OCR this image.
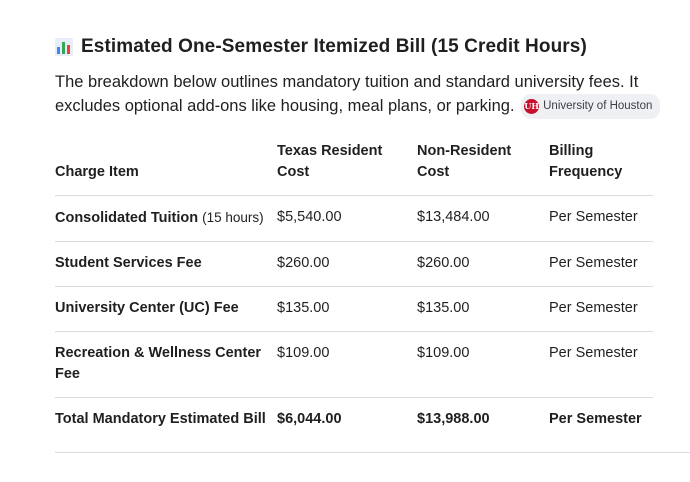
Estimated One-Semester Itemized Bill (15 Credit Hours)

The breakdown below outlines mandatory tuition and standard university fees. It excludes optional add-ons like housing, meal plans, or parking. UH University of Houston

Charge Item	Texas Resident Cost	Non-Resident Cost	Billing Frequency
Consolidated Tuition (15 hours)	$5,540.00	$13,484.00	Per Semester
Student Services Fee	$260.00	$260.00	Per Semester
University Center (UC) Fee	$135.00	$135.00	Per Semester
Recreation & Wellness Center Fee	$109.00	$109.00	Per Semester
Total Mandatory Estimated Bill	$6,044.00	$13,988.00	Per Semester
